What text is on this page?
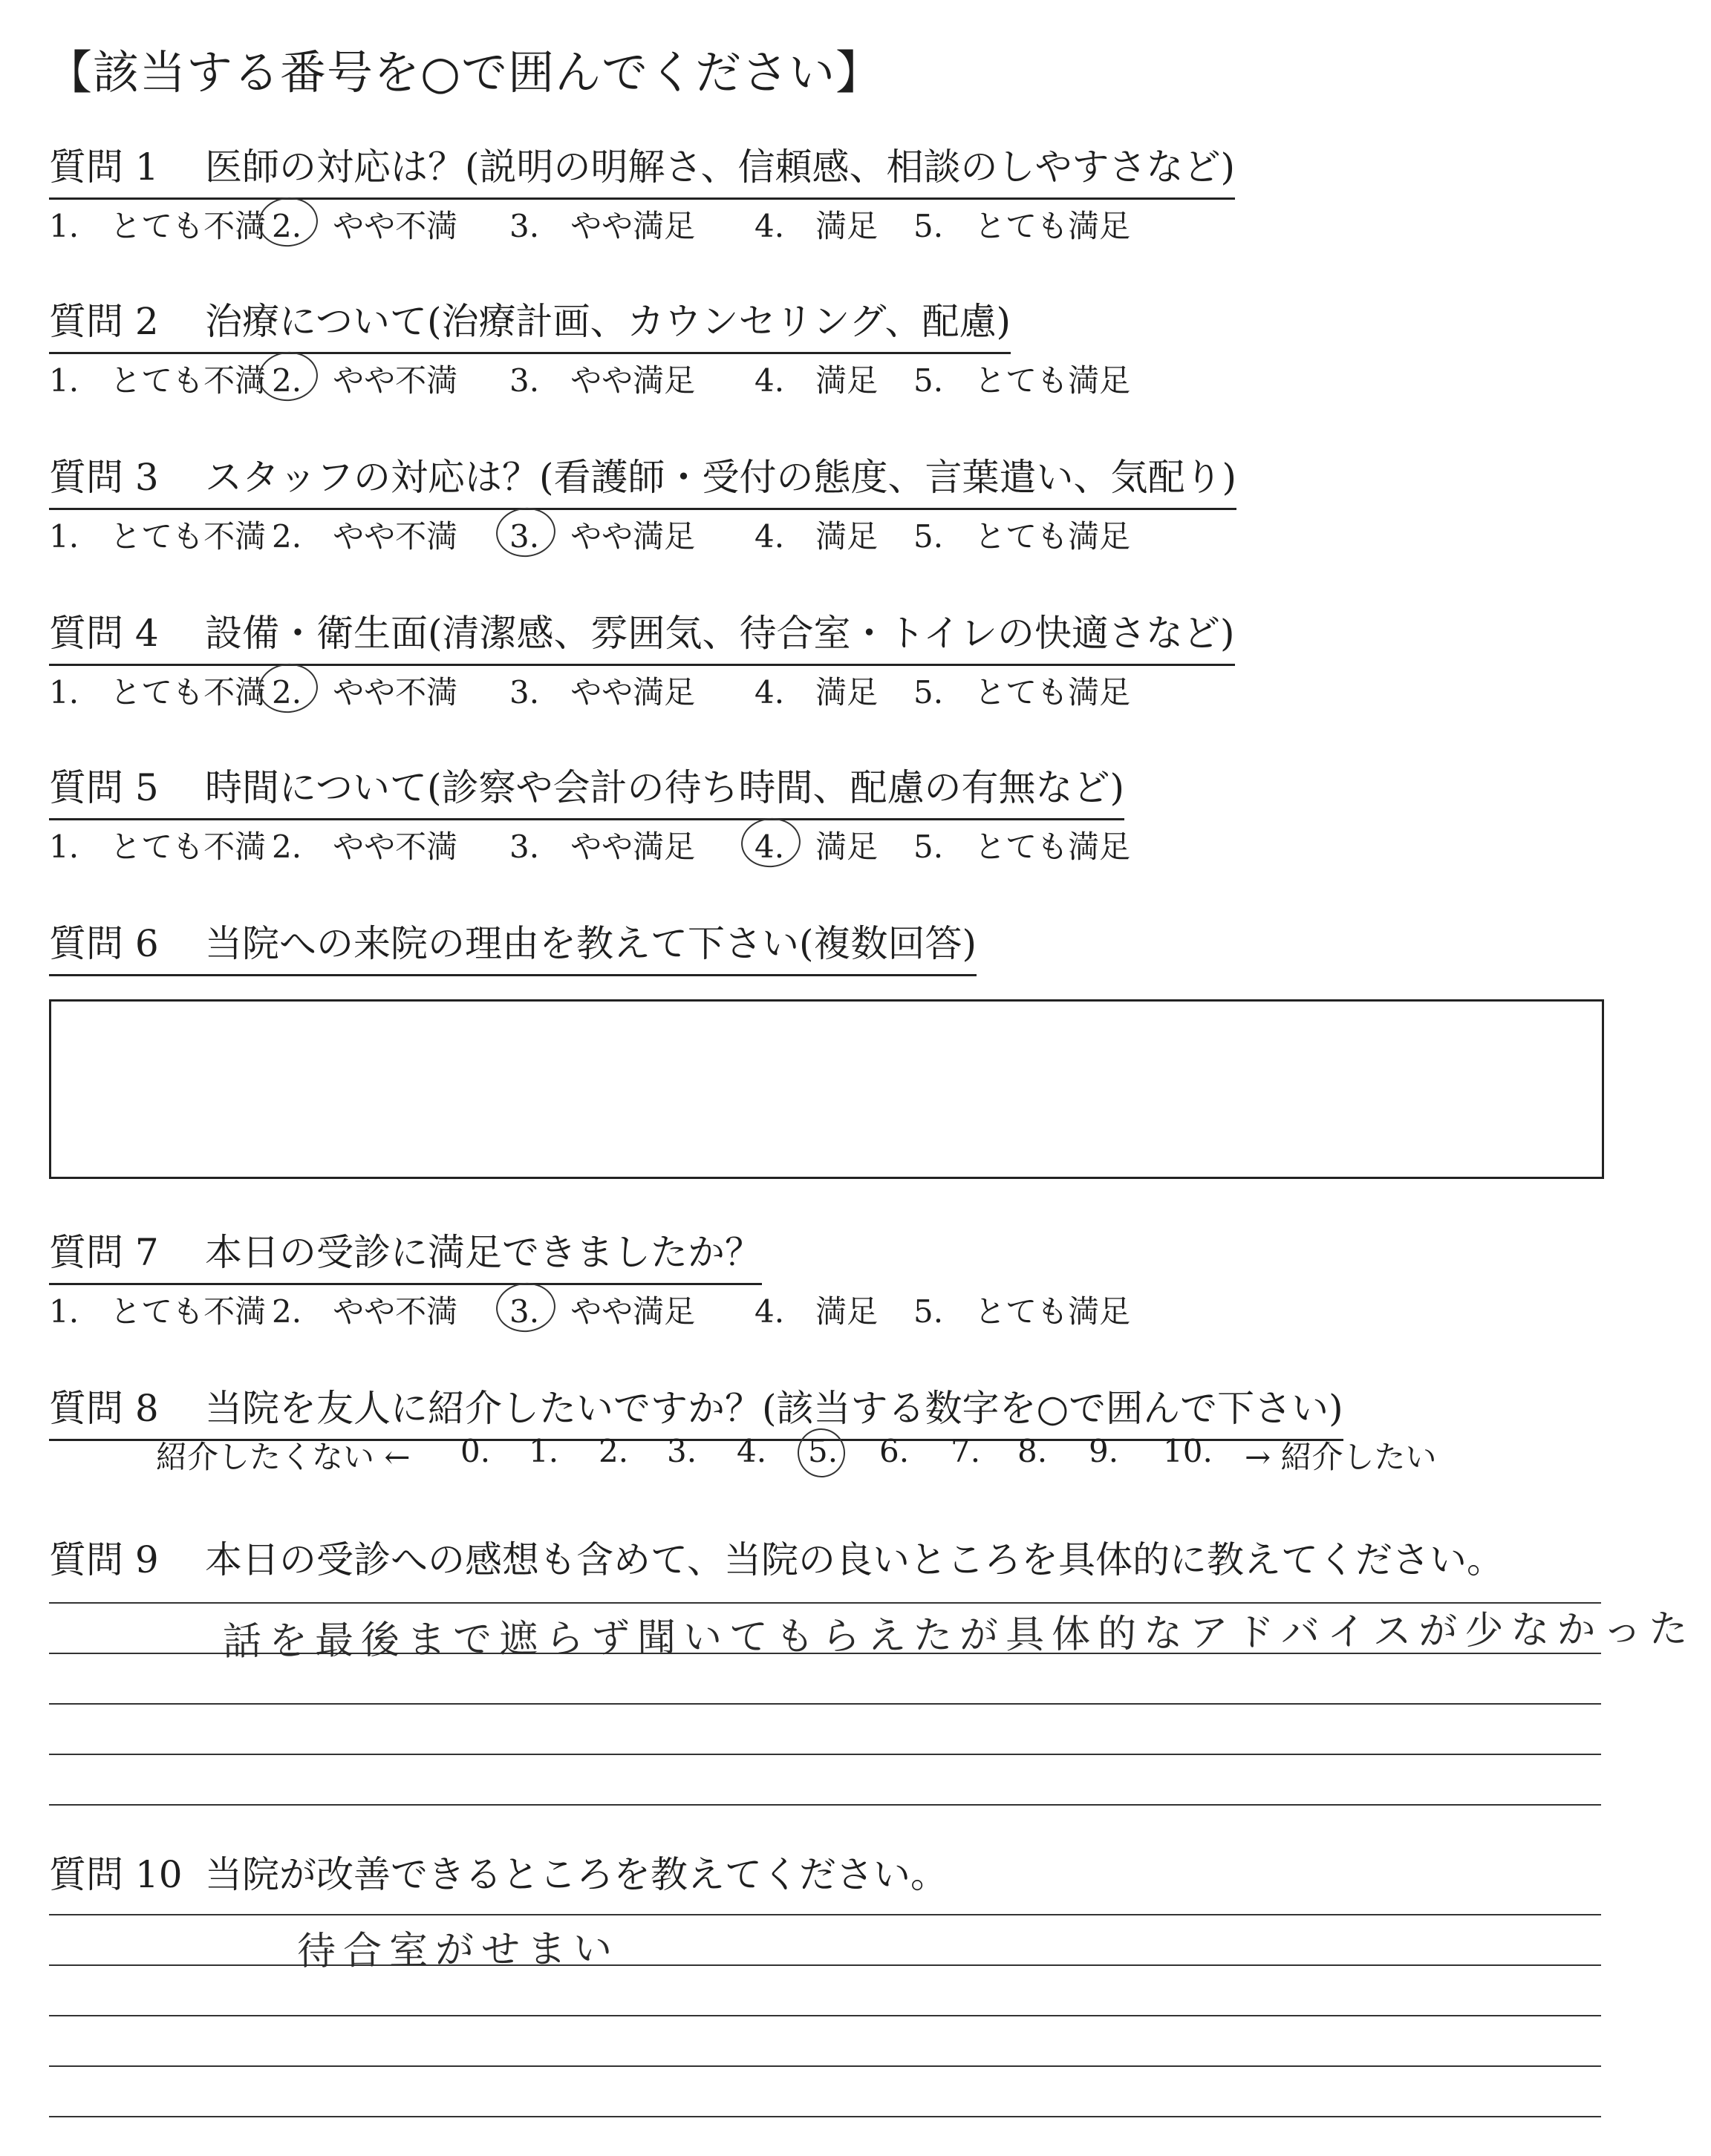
【該当する番号を○で囲んでください】
質問 1 医師の対応は？(説明の明解さ、信頼感、相談のしやすさなど)
1.　とても不満 2.　やや不満 3.　やや満足 4.　満足 5.　とても満足
質問 2 治療について(治療計画、カウンセリング、配慮)
1.　とても不満 2.　やや不満 3.　やや満足 4.　満足 5.　とても満足
質問 3 スタッフの対応は？(看護師・受付の態度、言葉遣い、気配り)
1.　とても不満 2.　やや不満 3.　やや満足 4.　満足 5.　とても満足
質問 4 設備・衛生面(清潔感、雰囲気、待合室・トイレの快適さなど)
1.　とても不満 2.　やや不満 3.　やや満足 4.　満足 5.　とても満足
質問 5 時間について(診察や会計の待ち時間、配慮の有無など)
1.　とても不満 2.　やや不満 3.　やや満足 4.　満足 5.　とても満足
質問 6 当院への来院の理由を教えて下さい(複数回答)
質問 7 本日の受診に満足できましたか？
1.　とても不満 2.　やや不満 3.　やや満足 4.　満足 5.　とても満足
質問 8 当院を友人に紹介したいですか？(該当する数字を○で囲んで下さい)
紹介したくない ← 0. 1. 2. 3. 4. 5. 6. 7. 8. 9. 10. → 紹介したい
質問 9 本日の受診への感想も含めて、当院の良いところを具体的に教えてください。
話を最後まで遮らず聞いてもらえたが具体的なアドバイスが少なかった
質問 10 当院が改善できるところを教えてください。
待合室がせまい
